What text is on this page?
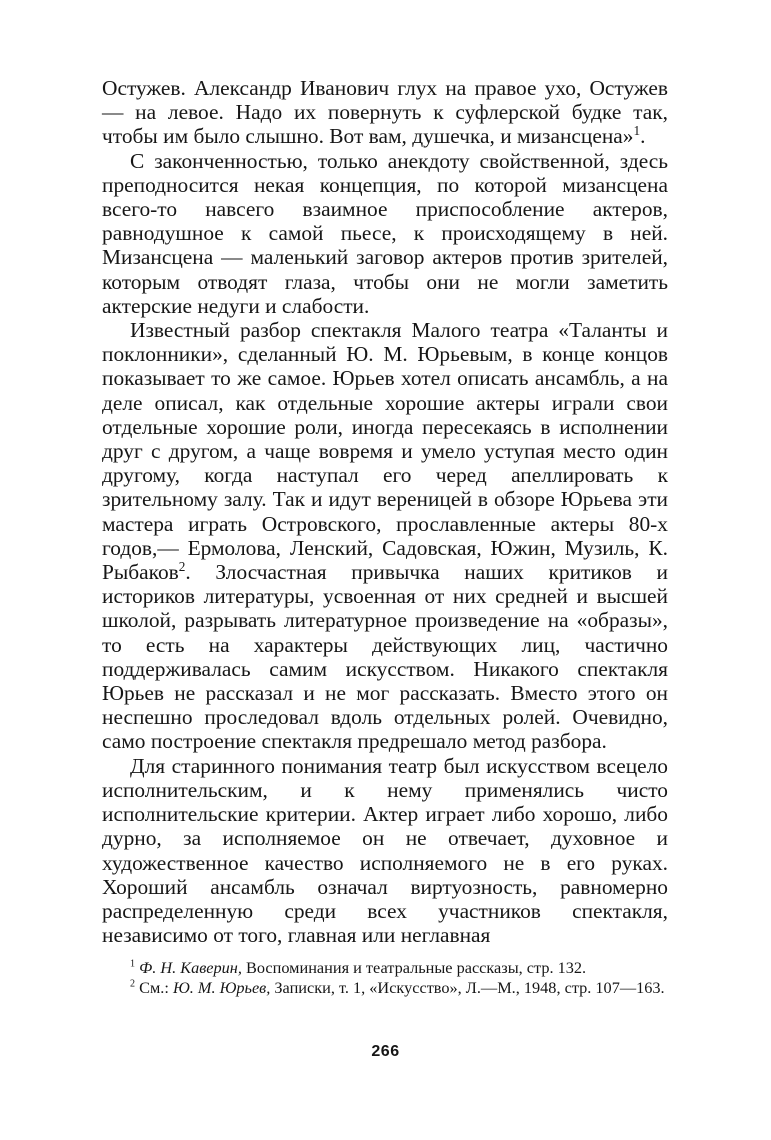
Остужев. Александр Иванович глух на правое ухо, Остужев — на левое. Надо их повернуть к суфлерской будке так, чтобы им было слышно. Вот вам, душечка, и мизансцена»$^1$.

С законченностью, только анекдоту свойственной, здесь преподносится некая концепция, по которой мизансцена всего-то навсего взаимное приспособление актеров, равнодушное к самой пьесе, к происходящему в ней. Мизансцена — маленький заговор актеров против зрителей, которым отводят глаза, чтобы они не могли заметить актерские недуги и слабости.

Известный разбор спектакля Малого театра «Таланты и поклонники», сделанный Ю. М. Юрьевым, в конце концов показывает то же самое. Юрьев хотел описать ансамбль, а на деле описал, как отдельные хорошие актеры играли свои отдельные хорошие роли, иногда пересекаясь в исполнении друг с другом, а чаще вовремя и умело уступая место один другому, когда наступал его черед апеллировать к зрительному залу. Так и идут вереницей в обзоре Юрьева эти мастера играть Островского, прославленные актеры 80-х годов,— Ермолова, Ленский, Садовская, Южин, Музиль, К. Рыбаков$^2$. Злосчастная привычка наших критиков и историков литературы, усвоенная от них средней и высшей школой, разрывать литературное произведение на «образы», то есть на характеры действующих лиц, частично поддерживалась самим искусством. Никакого спектакля Юрьев не рассказал и не мог рассказать. Вместо этого он неспешно проследовал вдоль отдельных ролей. Очевидно, само построение спектакля предрешало метод разбора.

Для старинного понимания театр был искусством всецело исполнительским, и к нему применялись чисто исполнительские критерии. Актер играет либо хорошо, либо дурно, за исполняемое он не отвечает, духовное и художественное качество исполняемого не в его руках. Хороший ансамбль означал виртуозность, равномерно распределенную среди всех участников спектакля, независимо от того, главная или неглавная

$^1$ Ф. Н. Каверин, Воспоминания и театральные рассказы, стр. 132.

$^2$ См.: Ю. М. Юрьев, Записки, т. 1, «Искусство», Л.—М., 1948, стр. 107—163.

266
